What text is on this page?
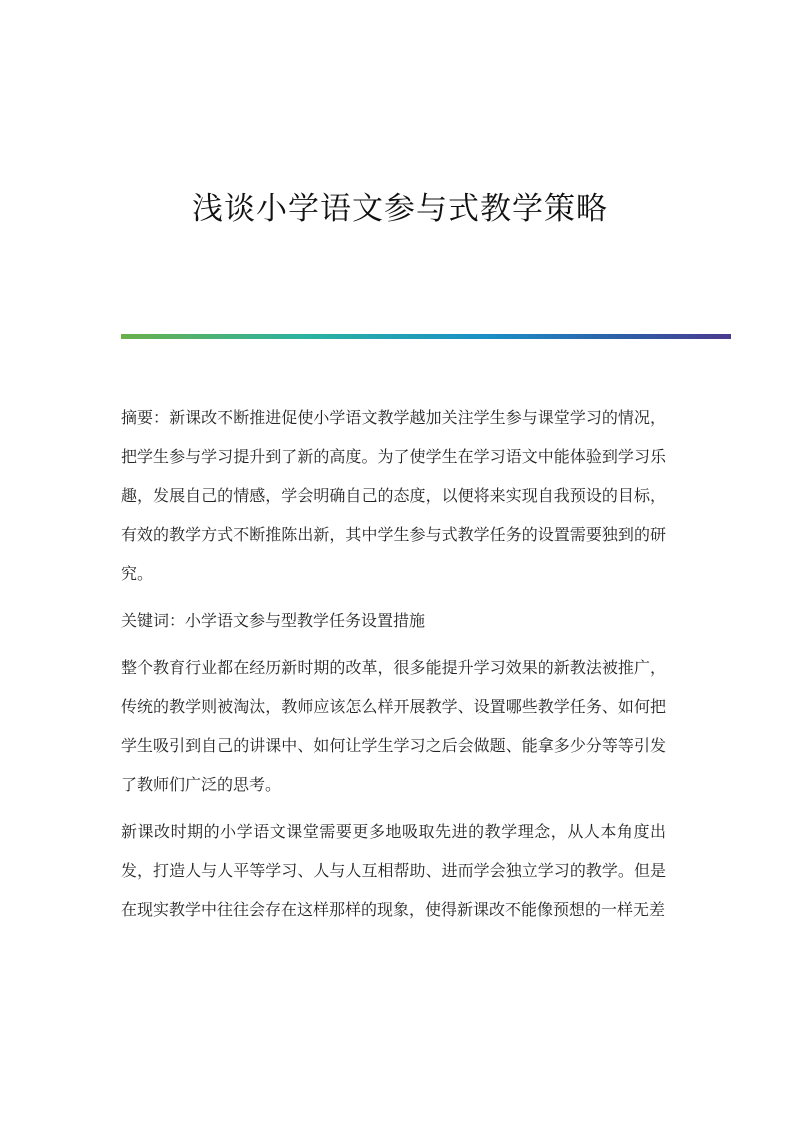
浅谈小学语文参与式教学策略

摘要：新课改不断推进促使小学语文教学越加关注学生参与课堂学习的情况，把学生参与学习提升到了新的高度。为了使学生在学习语文中能体验到学习乐趣，发展自己的情感，学会明确自己的态度，以便将来实现自我预设的目标，有效的教学方式不断推陈出新，其中学生参与式教学任务的设置需要独到的研究。

关键词：小学语文参与型教学任务设置措施

整个教育行业都在经历新时期的改革，很多能提升学习效果的新教法被推广，传统的教学则被淘汰，教师应该怎么样开展教学、设置哪些教学任务、如何把学生吸引到自己的讲课中、如何让学生学习之后会做题、能拿多少分等等引发了教师们广泛的思考。

新课改时期的小学语文课堂需要更多地吸取先进的教学理念，从人本角度出发，打造人与人平等学习、人与人互相帮助、进而学会独立学习的教学。但是在现实教学中往往会存在这样那样的现象，使得新课改不能像预想的一样无差
